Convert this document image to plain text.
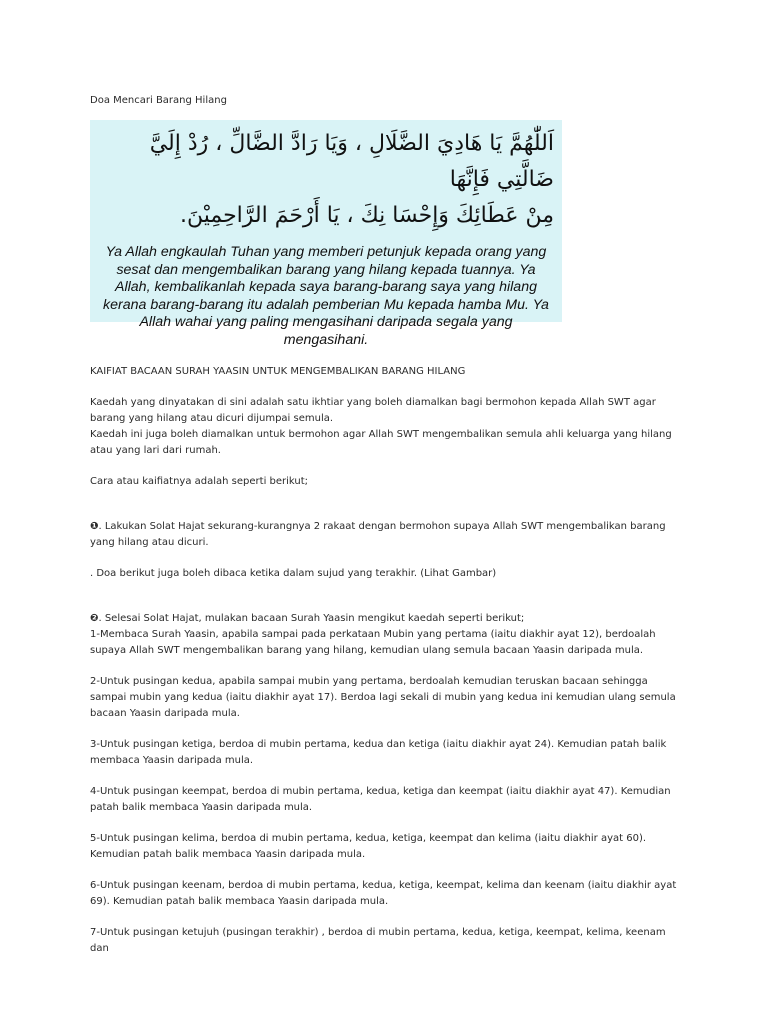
Doa Mencari Barang Hilang

اَللّٰهُمَّ يَا هَادِيَ الضَّلَالِ ، وَيَا رَادَّ الضَّالِّ ، رُدْ إِلَيَّ ضَالَّتِي فَإِنَّهَا

مِنْ عَطَائِكَ وَإِحْسَا نِكَ ، يَا أَرْحَمَ الرَّاحِمِيْنَ.

Ya Allah engkaulah Tuhan yang memberi petunjuk kepada orang yang sesat dan mengembalikan barang yang hilang kepada tuannya. Ya Allah, kembalikanlah kepada saya barang-barang saya yang hilang kerana barang-barang itu adalah pemberian Mu kepada hamba Mu. Ya Allah wahai yang paling mengasihani daripada segala yang mengasihani.

KAIFIAT BACAAN SURAH YAASIN UNTUK MENGEMBALIKAN BARANG HILANG

Kaedah yang dinyatakan di sini adalah satu ikhtiar yang boleh diamalkan bagi bermohon kepada Allah SWT agar barang yang hilang atau dicuri dijumpai semula.

Kaedah ini juga boleh diamalkan untuk bermohon agar Allah SWT mengembalikan semula ahli keluarga yang hilang atau yang lari dari rumah.

Cara atau kaifiatnya adalah seperti berikut;

❶. Lakukan Solat Hajat sekurang-kurangnya 2 rakaat dengan bermohon supaya Allah SWT mengembalikan barang yang hilang atau dicuri.

. Doa berikut juga boleh dibaca ketika dalam sujud yang terakhir. (Lihat Gambar)

❷. Selesai Solat Hajat, mulakan bacaan Surah Yaasin mengikut kaedah seperti berikut;

1-Membaca Surah Yaasin, apabila sampai pada perkataan Mubin yang pertama (iaitu diakhir ayat 12), berdoalah supaya Allah SWT mengembalikan barang yang hilang, kemudian ulang semula bacaan Yaasin daripada mula.

2-Untuk pusingan kedua, apabila sampai mubin yang pertama, berdoalah kemudian teruskan bacaan sehingga sampai mubin yang kedua (iaitu diakhir ayat 17). Berdoa lagi sekali di mubin yang kedua ini kemudian ulang semula bacaan Yaasin daripada mula.

3-Untuk pusingan ketiga, berdoa di mubin pertama, kedua dan ketiga (iaitu diakhir ayat 24). Kemudian patah balik membaca Yaasin daripada mula.

4-Untuk pusingan keempat, berdoa di mubin pertama, kedua, ketiga dan keempat (iaitu diakhir ayat 47). Kemudian patah balik membaca Yaasin daripada mula.

5-Untuk pusingan kelima, berdoa di mubin pertama, kedua, ketiga, keempat dan kelima (iaitu diakhir ayat 60). Kemudian patah balik membaca Yaasin daripada mula.

6-Untuk pusingan keenam, berdoa di mubin pertama, kedua, ketiga, keempat, kelima dan keenam (iaitu diakhir ayat 69). Kemudian patah balik membaca Yaasin daripada mula.

7-Untuk pusingan ketujuh (pusingan terakhir) , berdoa di mubin pertama, kedua, ketiga, keempat, kelima, keenam dan
